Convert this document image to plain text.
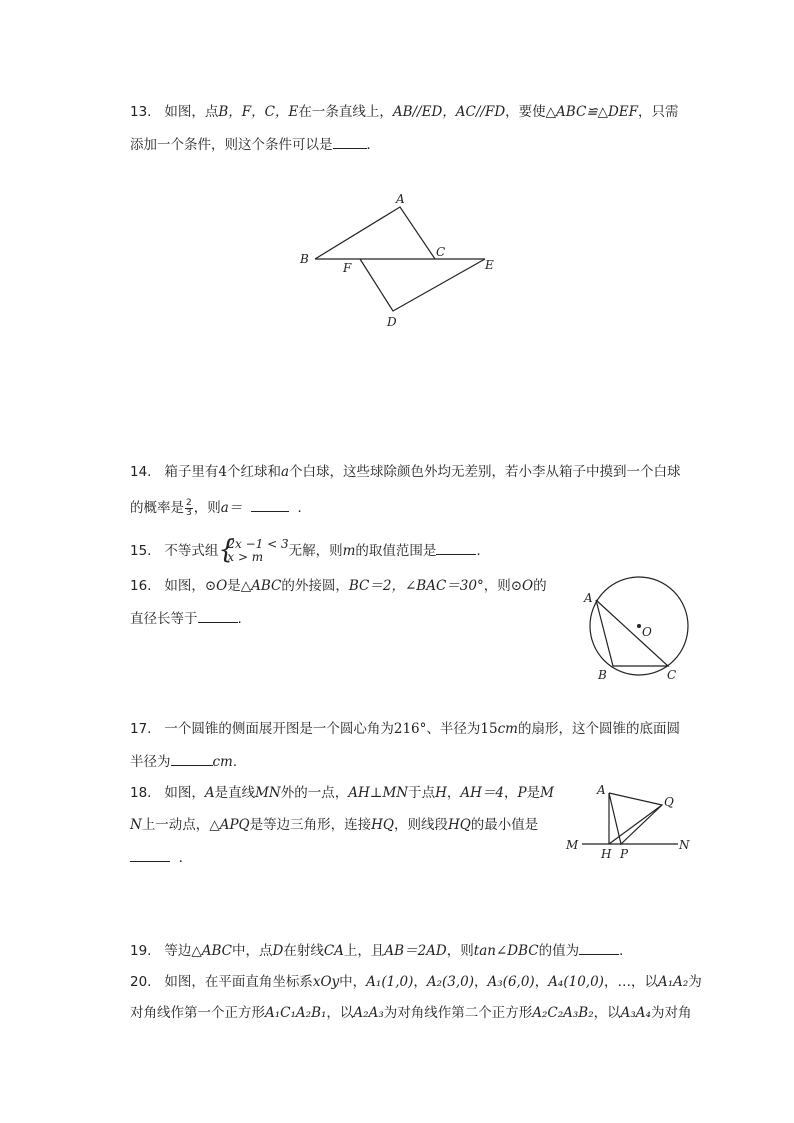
13. 如图，点B，F，C，E在一条直线上，AB//ED，AC//FD，要使△ABC≌△DEF，只需
添加一个条件，则这个条件可以是	．
A
B	C
E
F
D
14. 箱子里有4个红球和a个白球，这些球除颜色外均无差别，若小李从箱子中摸到一个白球
的概率是 $\frac{2}{3}$ ，则a＝	．
15. 不等式组 {
2x −1 < 3
x > m	无解，则m的取值范围是	.
16. 如图，⊙O是△ABC的外接圆，BC＝2，∠BAC＝30°，则⊙O的
直径长等于	.
A
O
B	C
17. 一个圆锥的侧面展开图是一个圆心角为216°、半径为15cm的扇形，这个圆锥的底面圆
半径为	cm.
18. 如图，A是直线MN外的一点，AH⊥MN于点H，AH＝4，P是M
N上一动点，△APQ是等边三角形，连接HQ，则线段HQ的最小值是
．
A
Q
M
H P
N
19. 等边△ABC中，点D在射线CA上，且AB＝2AD，则tan∠DBC的值为	．
20. 如图，在平面直角坐标系xOy中，A₁(1,0)，A₂(3,0)，A₃(6,0)，A₄(10,0)，…，以A₁A₂为
对角线作第一个正方形A₁C₁A₂B₁，以A₂A₃为对角线作第二个正方形A₂C₂A₃B₂，以A₃A₄为对角
